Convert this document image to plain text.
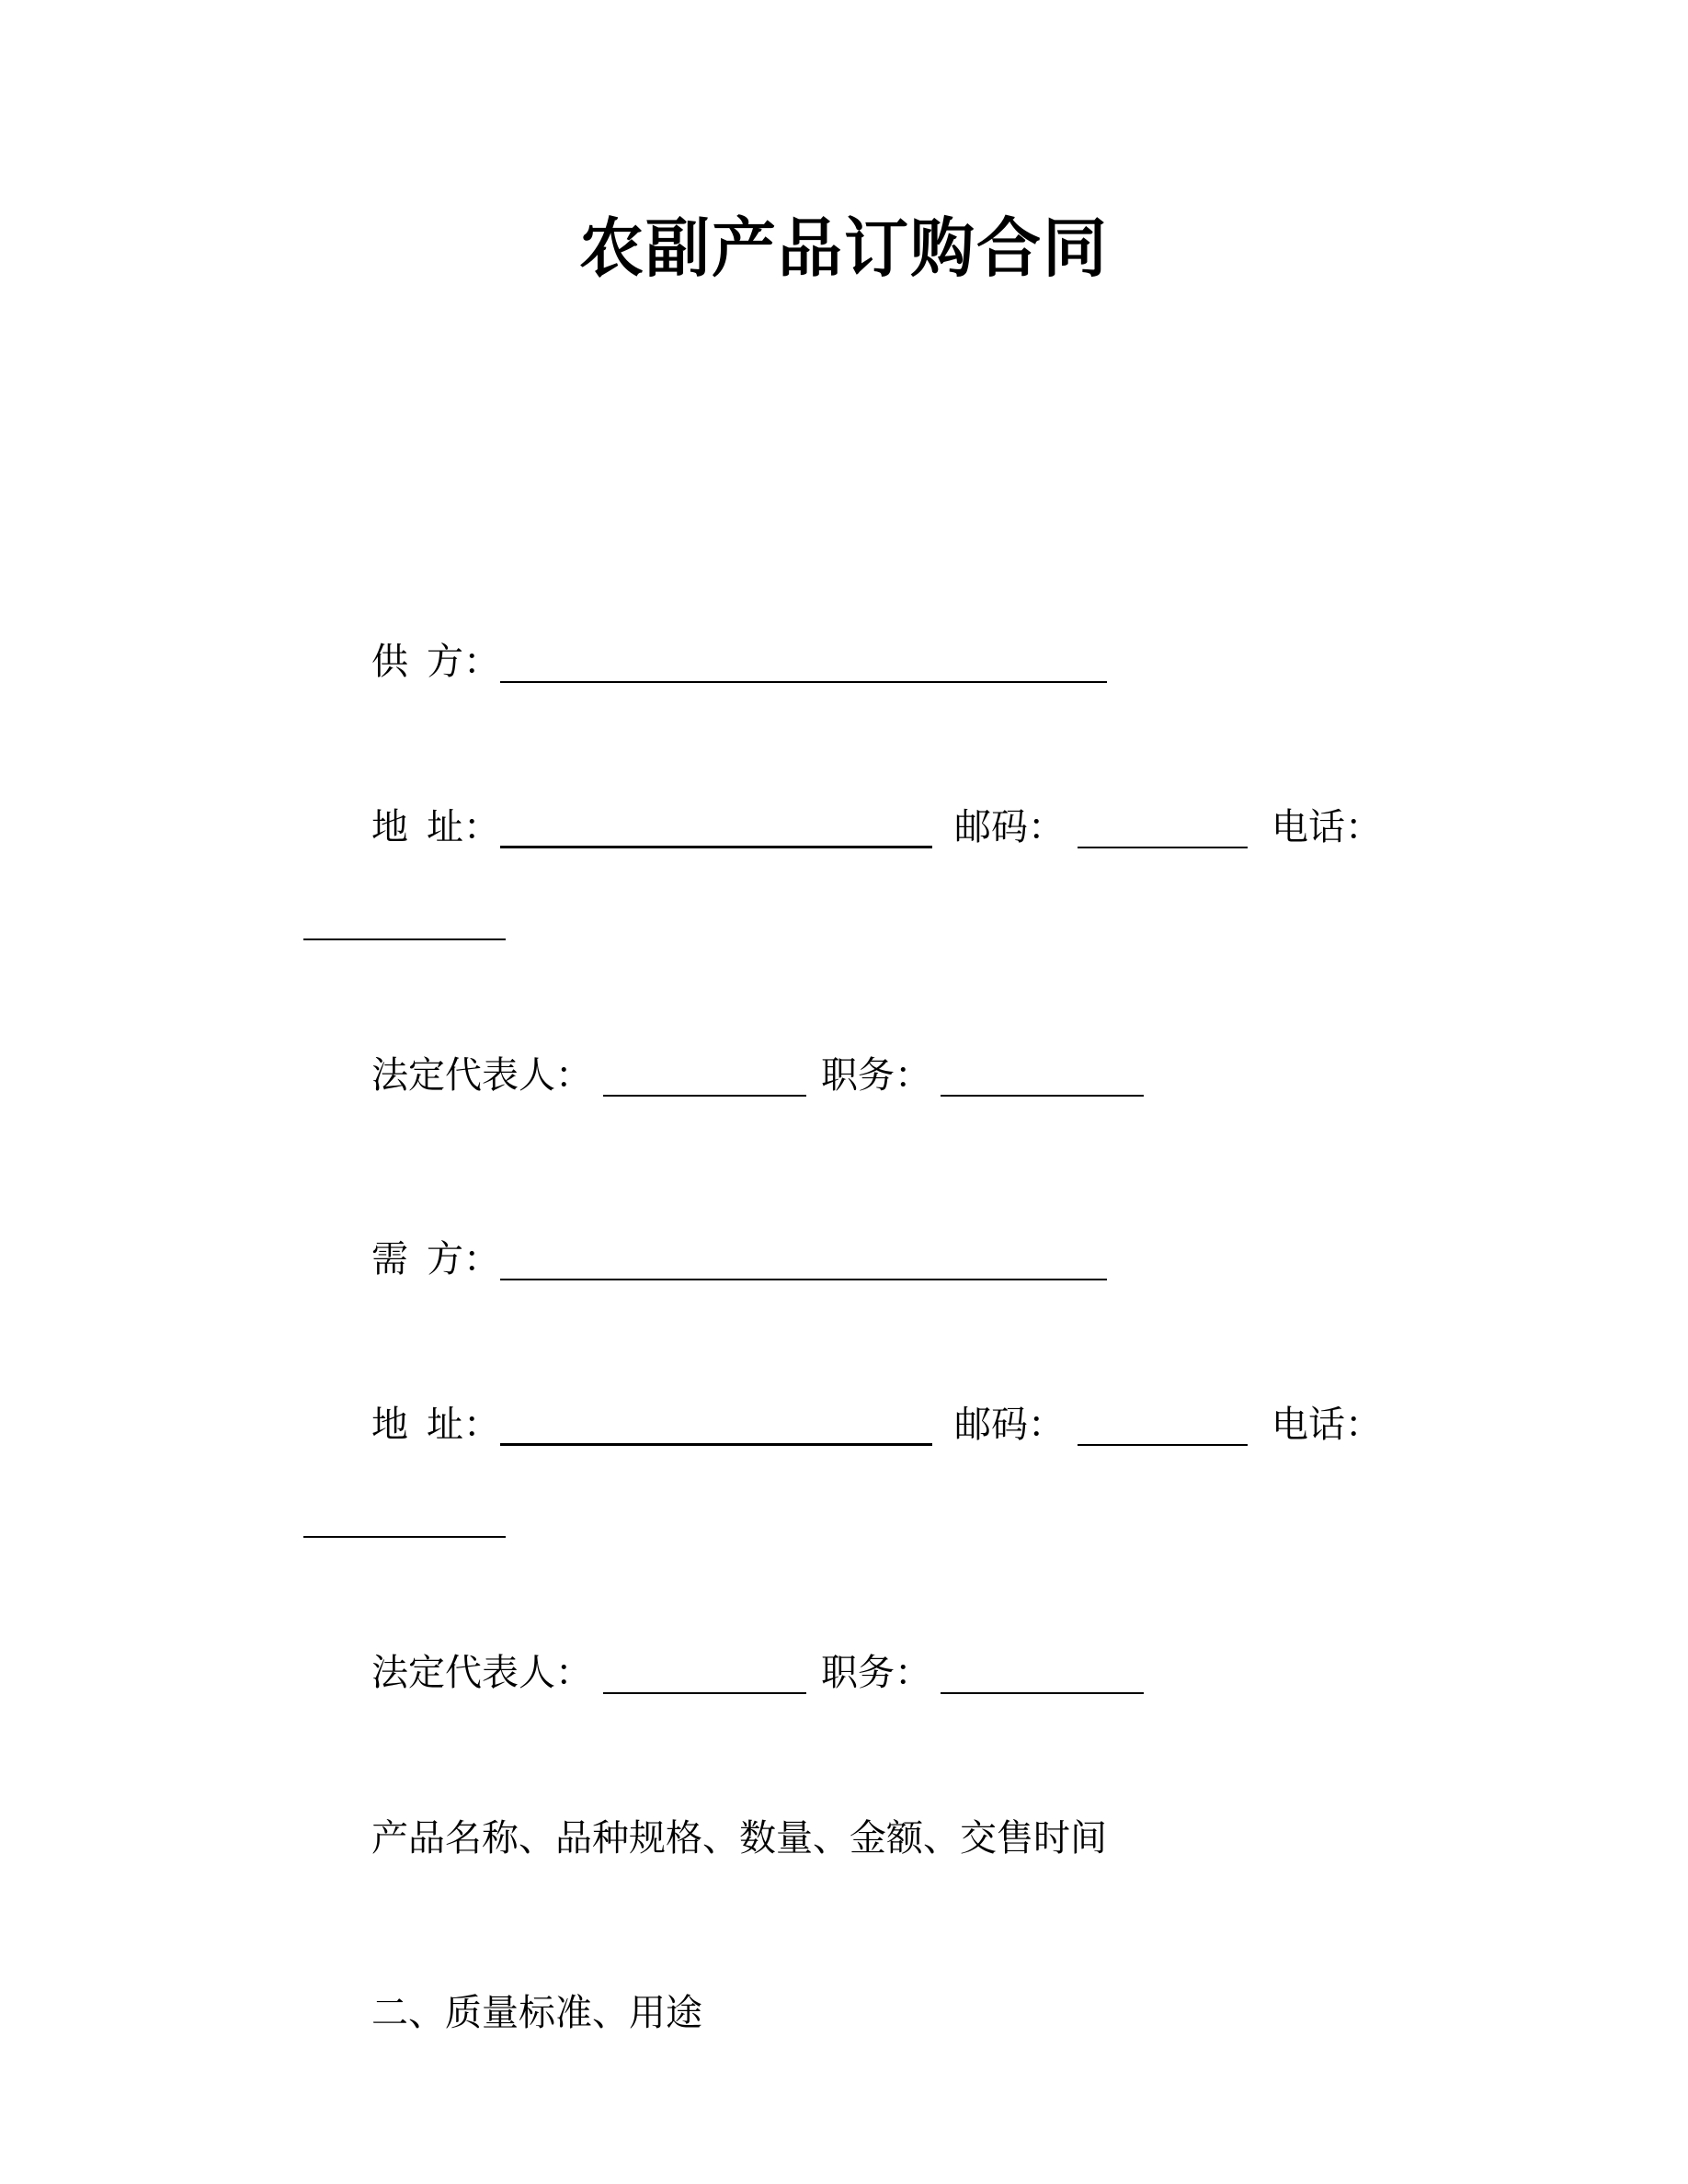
农副产品订购合同

供 方：

地 址：	邮码：	电话：

法定代表人：	职务：

需 方：

地 址：	邮码：	电话：

法定代表人：	职务：

产品名称、品种规格、数量、金额、交售时间

二、质量标准、用途
